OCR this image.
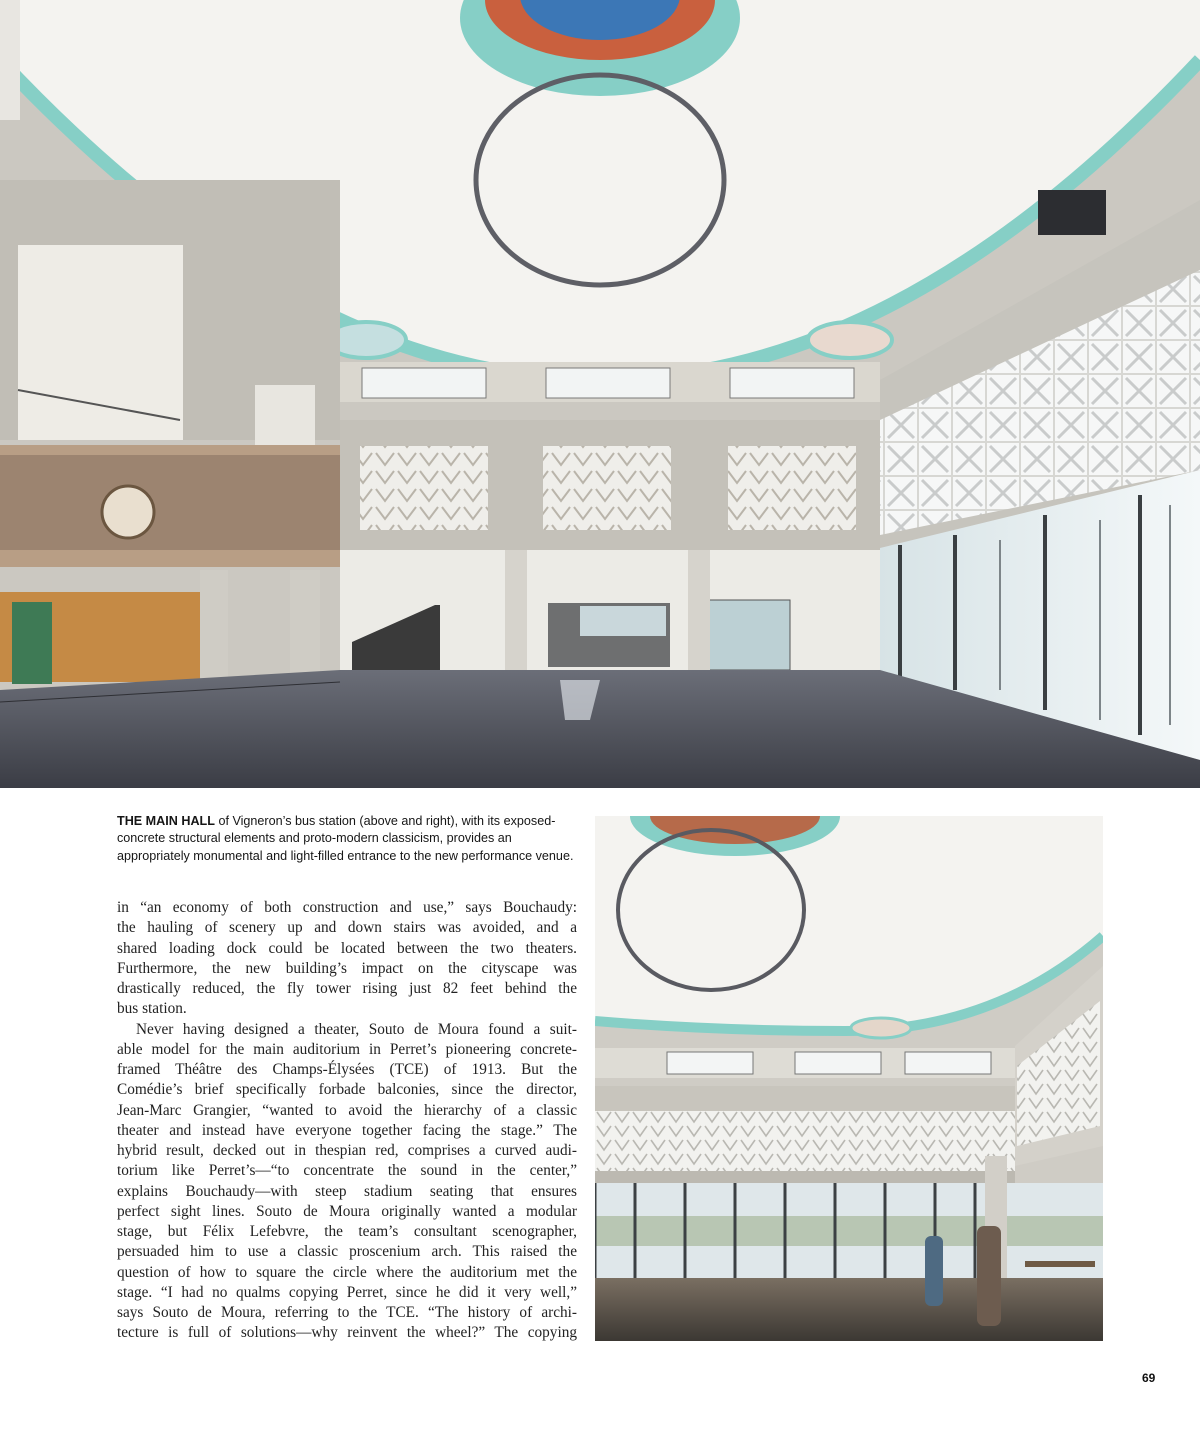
THE MAIN HALL of Vigneron’s bus station (above and right), with its exposed-concrete structural elements and proto-modern classicism, provides an appropriately monumental and light-filled entrance to the new performance venue.

in “an economy of both construction and use,” says Bouchaudy:
the hauling of scenery up and down stairs was avoided, and a
shared loading dock could be located between the two theaters.
Furthermore, the new building’s impact on the cityscape was
drastically reduced, the fly tower rising just 82 feet behind the
bus station.
Never having designed a theater, Souto de Moura found a suit-
able model for the main auditorium in Perret’s pioneering concrete-
framed Théâtre des Champs-Élysées (TCE) of 1913. But the
Comédie’s brief specifically forbade balconies, since the director,
Jean-Marc Grangier, “wanted to avoid the hierarchy of a classic
theater and instead have everyone together facing the stage.” The
hybrid result, decked out in thespian red, comprises a curved audi-
torium like Perret’s—“to concentrate the sound in the center,”
explains Bouchaudy—with steep stadium seating that ensures
perfect sight lines. Souto de Moura originally wanted a modular
stage, but Félix Lefebvre, the team’s consultant scenographer,
persuaded him to use a classic proscenium arch. This raised the
question of how to square the circle where the auditorium met the
stage. “I had no qualms copying Perret, since he did it very well,”
says Souto de Moura, referring to the TCE. “The history of archi-
tecture is full of solutions—why reinvent the wheel?” The copying
69
